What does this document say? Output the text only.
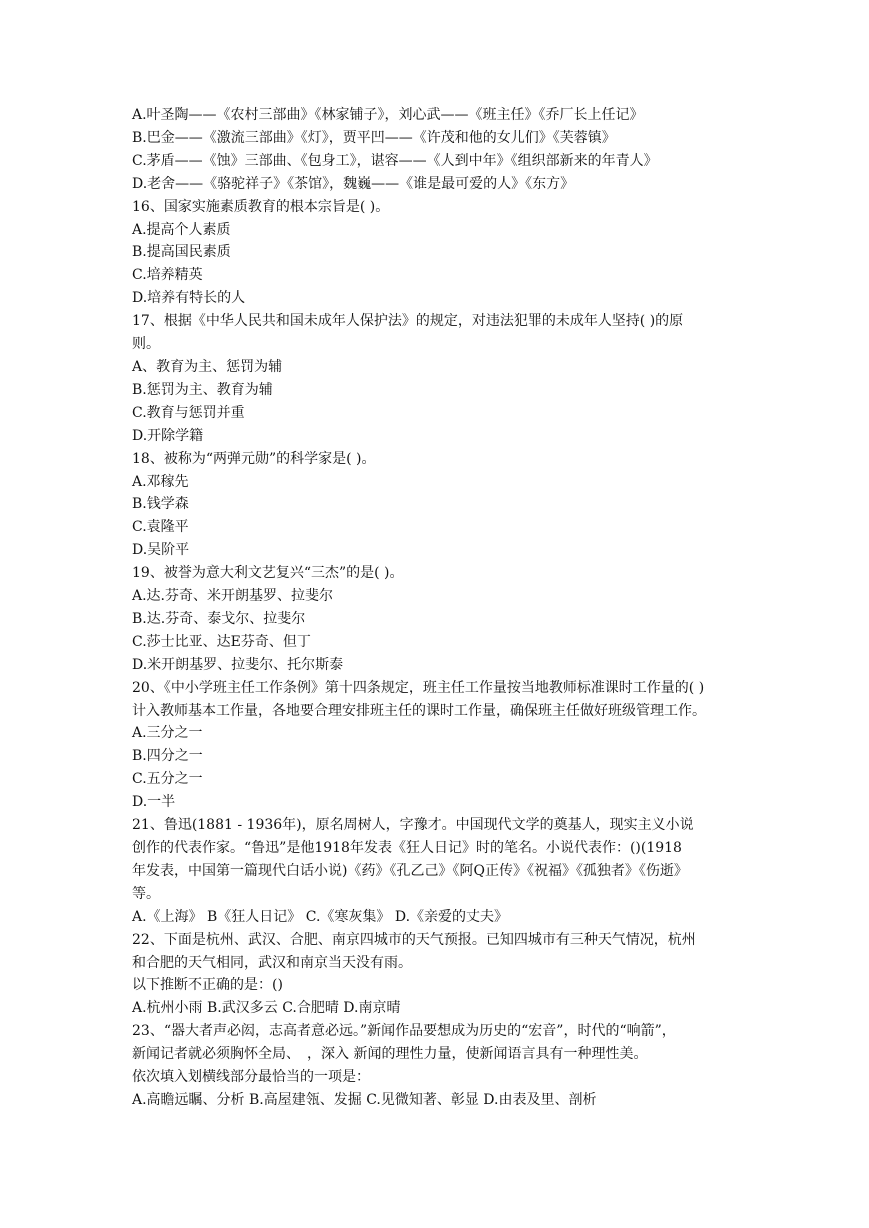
A.叶圣陶——《农村三部曲》《林家铺子》，刘心武——《班主任》《乔厂长上任记》
B.巴金——《激流三部曲》《灯》，贾平凹——《许茂和他的女儿们》《芙蓉镇》
C.茅盾——《蚀》三部曲、《包身工》，谌容——《人到中年》《组织部新来的年青人》
D.老舍——《骆驼祥子》《茶馆》，魏巍——《谁是最可爱的人》《东方》
16、国家实施素质教育的根本宗旨是( )。
A.提高个人素质
B.提高国民素质
C.培养精英
D.培养有特长的人
17、根据《中华人民共和国未成年人保护法》的规定，对违法犯罪的未成年人坚持( )的原
则。
A、教育为主、惩罚为辅
B.惩罚为主、教育为辅
C.教育与惩罚并重
D.开除学籍
18、被称为“两弹元勋”的科学家是( )。
A.邓稼先
B.钱学森
C.袁隆平
D.吴阶平
19、被誉为意大利文艺复兴“三杰”的是( )。
A.达.芬奇、米开朗基罗、拉斐尔
B.达.芬奇、泰戈尔、拉斐尔
C.莎士比亚、达E芬奇、但丁
D.米开朗基罗、拉斐尔、托尔斯泰
20、《中小学班主任工作条例》第十四条规定，班主任工作量按当地教师标准课时工作量的( )
计入教师基本工作量，各地要合理安排班主任的课时工作量，确保班主任做好班级管理工作。
A.三分之一
B.四分之一
C.五分之一
D.一半
21、鲁迅(1881 - 1936年)，原名周树人，字豫才。中国现代文学的奠基人，现实主义小说
创作的代表作家。“鲁迅”是他1918年发表《狂人日记》时的笔名。小说代表作：()(1918
年发表，中国第一篇现代白话小说)《药》《孔乙己》《阿Q正传》《祝福》《孤独者》《伤逝》
等。
A.《上海》 B《狂人日记》 C.《寒灰集》 D.《亲爱的丈夫》
22、下面是杭州、武汉、合肥、南京四城市的天气预报。已知四城市有三种天气情况，杭州
和合肥的天气相同，武汉和南京当天没有雨。
以下推断不正确的是：()
A.杭州小雨 B.武汉多云 C.合肥晴 D.南京晴
23、“器大者声必闳，志高者意必远。”新闻作品要想成为历史的“宏音”，时代的“响箭”，
新闻记者就必须胸怀全局、　，深入 新闻的理性力量，使新闻语言具有一种理性美。
依次填入划横线部分最恰当的一项是：
A.高瞻远瞩、分析 B.高屋建瓴、发掘 C.见微知著、彰显 D.由表及里、剖析
